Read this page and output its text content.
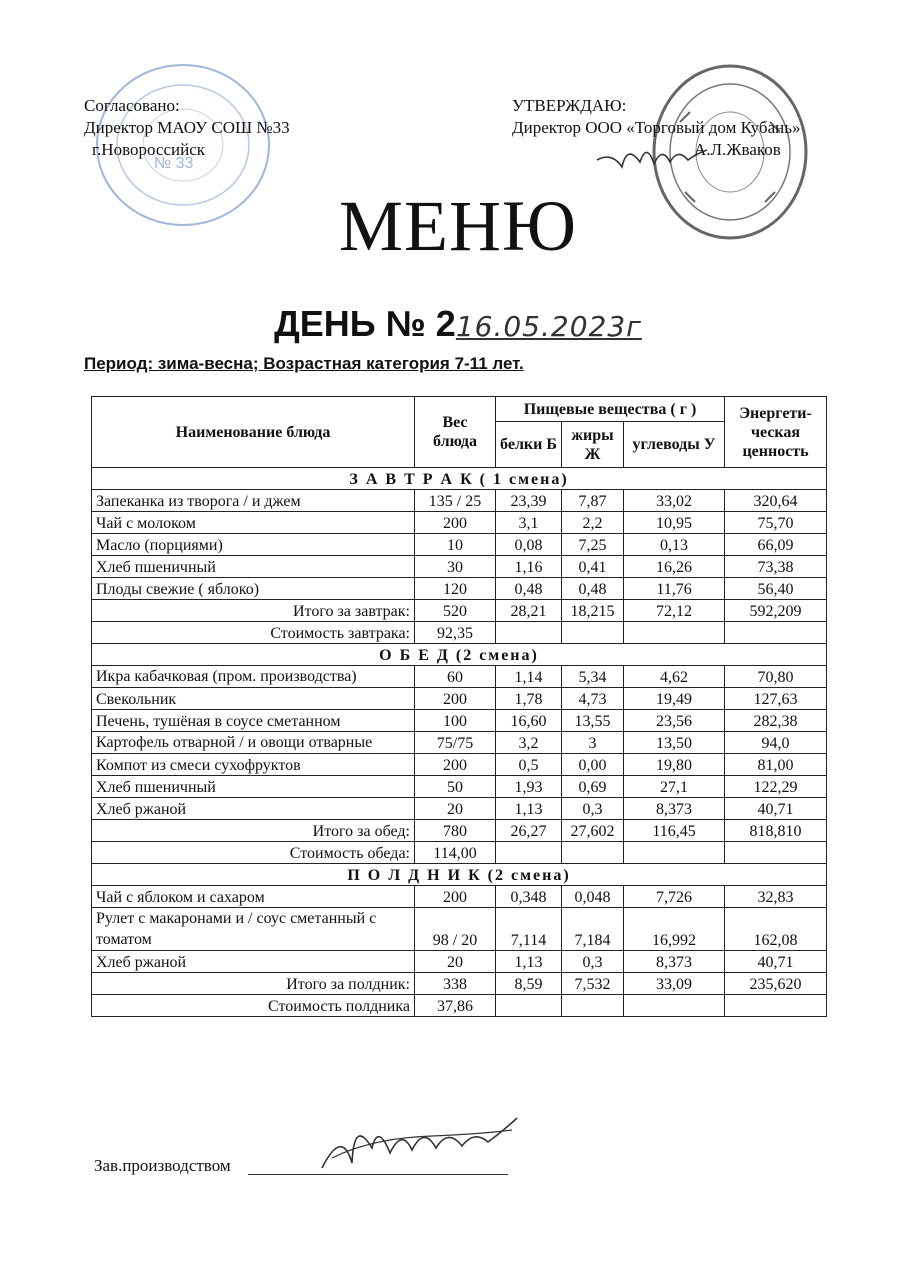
№ 33
Согласовано:
Директор МАОУ СОШ №33
г.Новороссийск
УТВЕРЖДАЮ:
Директор ООО «Торговый дом Кубань»
А.Л.Жваков
МЕНЮ
ДЕНЬ № 216.05.2023г
Период: зима-весна; Возрастная категория 7-11 лет.
Наименование блюда	Вес блюда	Пищевые вещества ( г )			Энергети-ческая ценность
		белки Б	жиры Ж	углеводы У	
З А В Т Р А К ( 1 смена)					
Запеканка из творога / и джем	135 / 25	23,39	7,87	33,02	320,64
Чай с молоком	200	3,1	2,2	10,95	75,70
Масло (порциями)	10	0,08	7,25	0,13	66,09
Хлеб пшеничный	30	1,16	0,41	16,26	73,38
Плоды свежие ( яблоко)	120	0,48	0,48	11,76	56,40
Итого за завтрак:	520	28,21	18,215	72,12	592,209
Стоимость завтрака:	92,35				
О Б Е Д (2 смена)					
Икра кабачковая (пром. производства)	60	1,14	5,34	4,62	70,80
Свекольник	200	1,78	4,73	19,49	127,63
Печень, тушёная в соусе сметанном	100	16,60	13,55	23,56	282,38
Картофель отварной / и овощи отварные	75/75	3,2	3	13,50	94,0
Компот из смеси сухофруктов	200	0,5	0,00	19,80	81,00
Хлеб пшеничный	50	1,93	0,69	27,1	122,29
Хлеб ржаной	20	1,13	0,3	8,373	40,71
Итого за обед:	780	26,27	27,602	116,45	818,810
Стоимость обеда:	114,00				
П О Л Д Н И К (2 смена)					
Чай с яблоком и сахаром	200	0,348	0,048	7,726	32,83
Рулет с макаронами и / соус сметанный с томатом	98 / 20	7,114	7,184	16,992	162,08
Хлеб ржаной	20	1,13	0,3	8,373	40,71
Итого за полдник:	338	8,59	7,532	33,09	235,620
Стоимость полдника	37,86				
Зав.производством
